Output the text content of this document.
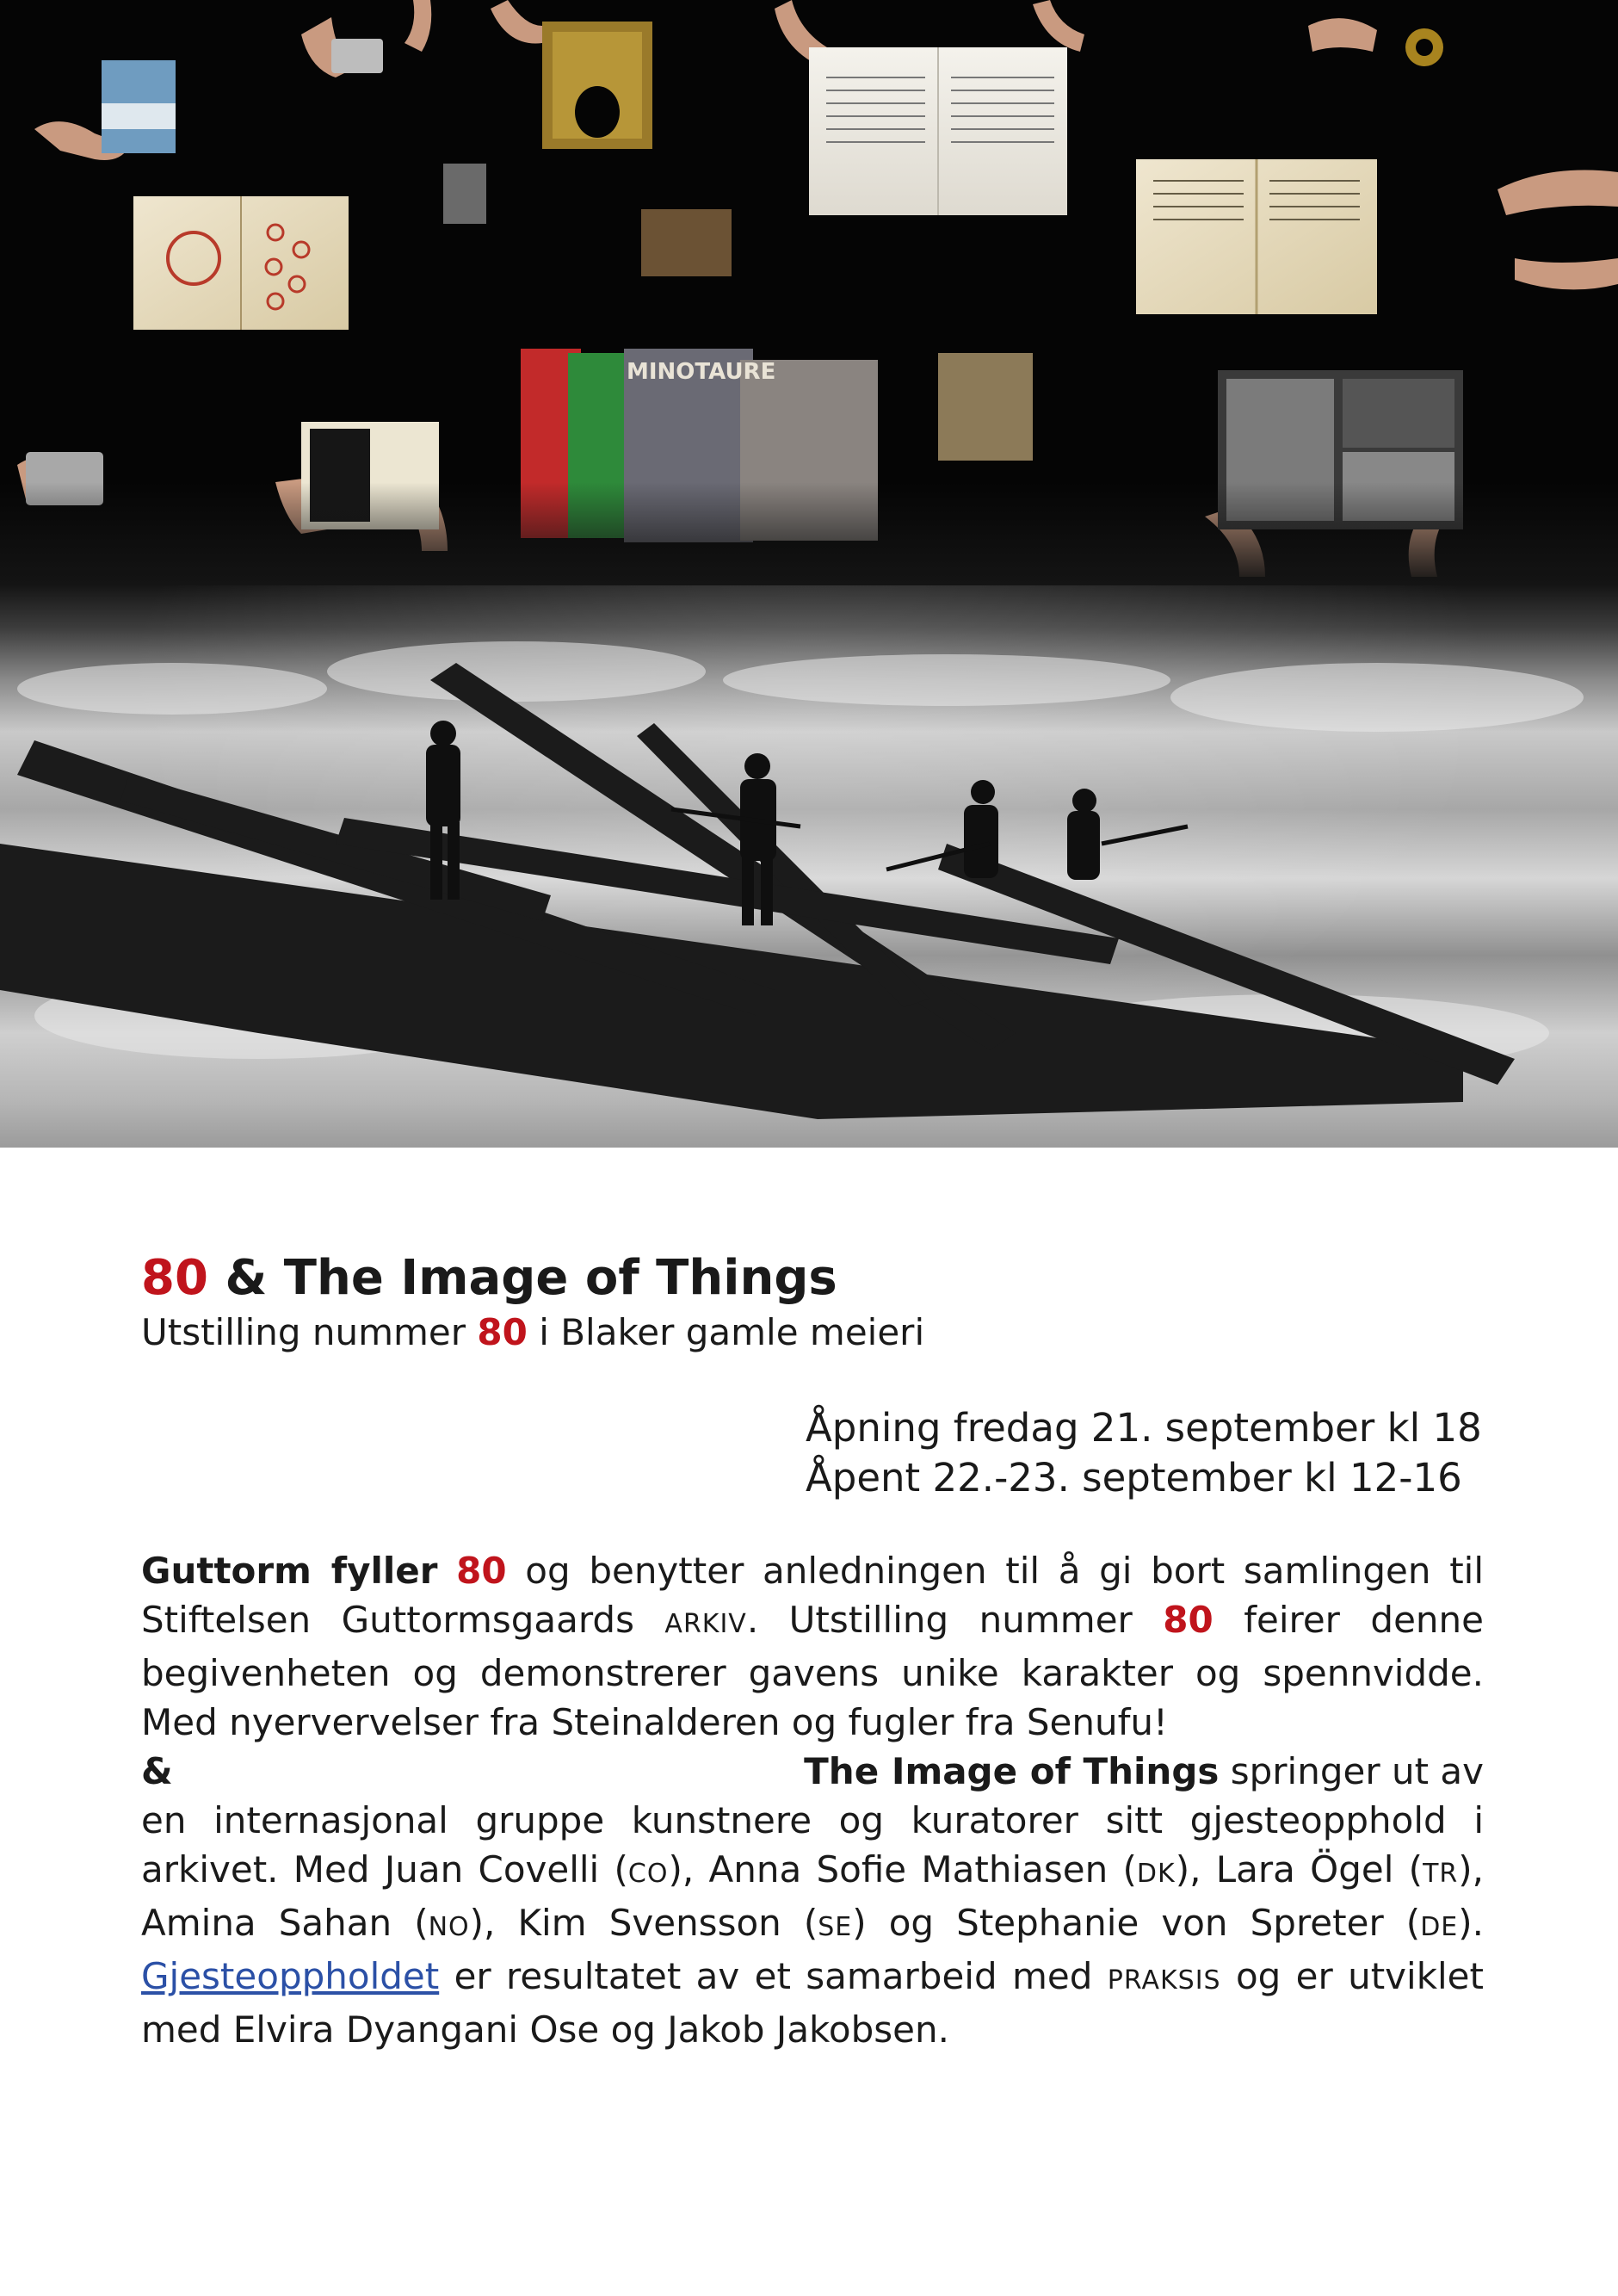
MINOTAURE
80 & The Image of Things

Utstilling nummer 80 i Blaker gamle meieri

Åpning fredag 21. september kl 18
Åpent 22.-23. september kl 12-16
Guttorm fyller 80 og benytter anledningen til å gi bort samlingen til Stiftelsen Guttormsgaards ARKIV. Utstilling nummer 80 feirer denne begivenheten og demonstrerer gavens unike karakter og spennvidde. Med nyervervelser fra Steinalderen og fugler fra Senufu!
&	The Image of Things springer ut av
en internasjonal gruppe kunstnere og kuratorer sitt gjesteopphold i arkivet. Med Juan Covelli (CO), Anna Sofie Mathiasen (DK), Lara Ögel (TR), Amina Sahan (NO), Kim Svensson (SE) og Stephanie von Spreter (DE). Gjesteoppholdet er resultatet av et samarbeid med PRAKSIS og er utviklet med Elvira Dyangani Ose og Jakob Jakobsen.
